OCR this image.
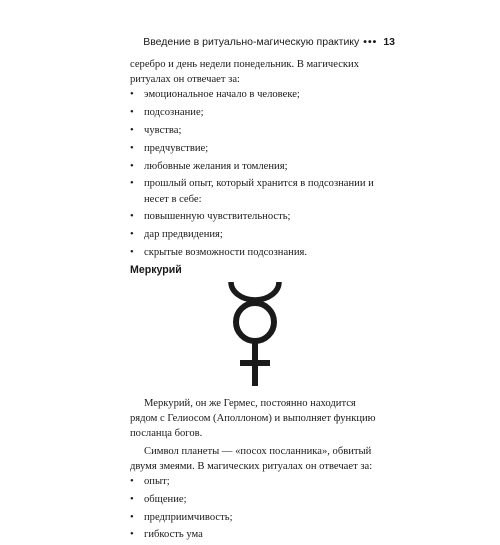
Введение в ритуально-магическую практику ••• 13

серебро и день недели понедельник. В магических ритуалах он отвечает за:

• эмоциональное начало в человеке;
• подсознание;
• чувства;
• предчувствие;
• любовные желания и томления;
• прошлый опыт, который хранится в подсознании и несет в себе:
• повышенную чувствительность;
• дар предвидения;
• скрытые возможности подсознания.
Меркурий

Меркурий, он же Гермес, постоянно находится рядом с Гелиосом (Аполлоном) и выполняет функцию посланца богов.

Символ планеты — «посох посланника», обвитый двумя змеями. В магических ритуалах он отвечает за:

• опыт;
• общение;
• предприимчивость;
• гибкость ума
